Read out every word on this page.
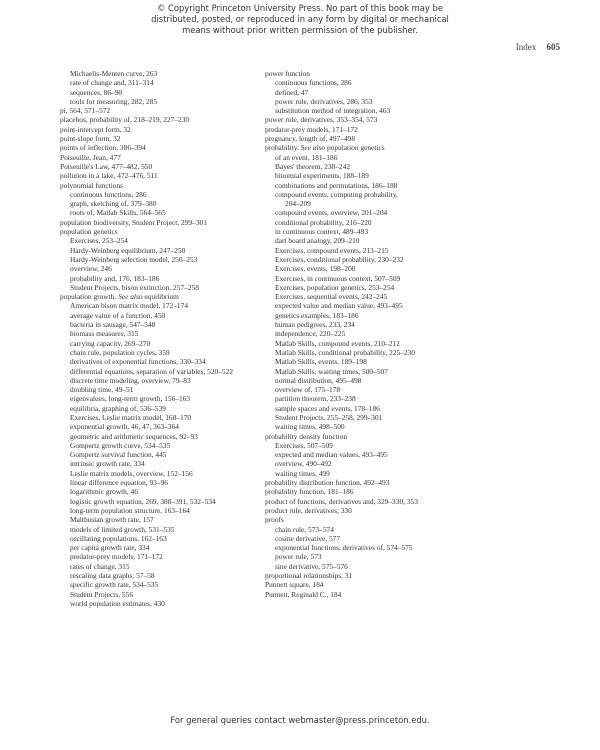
© Copyright Princeton University Press. No part of this book may be
distributed, posted, or reproduced in any form by digital or mechanical
means without prior written permission of the publisher.
Index 605
Michaelis-Menten curve, 263
rate of change and, 311–314
sequences, 86–90
tools for measuring, 282, 285
pi, 564, 571–572
placebos, probability of, 218–219, 227–230
point-intercept form, 32
point-slope form, 32
points of inflection, 386–394
Poiseuille, Jean, 477
Poiseuille's Law, 477–482, 550
pollution in a lake, 472–476, 511
polynomial functions
continuous functions, 286
graph, sketching of, 379–380
roots of, Matlab Skills, 564–565
population biodiversity, Student Project, 299–301
population genetics
Exercises, 253–254
Hardy-Weinberg equilibrium, 247–250
Hardy-Weinberg selection model, 250–253
overview, 246
probability and, 176, 183–186
Student Projects, bison extinction, 257–258
population growth. See also equilibrium
American bison matrix model, 172–174
average value of a function, 450
bacteria in sausage, 547–548
biomass measures, 315
carrying capacity, 269–270
chain rule, population cycles, 359
derivatives of exponential functions, 330–334
differential equations, separation of variables, 520–522
discrete time modeling, overview, 79–83
doubling time, 49–51
eigenvalues, long-term growth, 156–163
equilibria, graphing of, 536–539
Exercises, Leslie matrix model, 168–170
exponential growth, 46, 47, 363–364
geometric and arithmetic sequences, 92–93
Gompertz growth curve, 534–535
Gompertz survival function, 445
intrinsic growth rate, 334
Leslie matrix models, overview, 152–156
linear difference equation, 93–96
logarithmic growth, 46
logistic growth equation, 269, 388–391, 532–534
long-term population structure, 163–164
Malthusian growth rate, 157
models of limited growth, 531–535
oscillating populations, 162–163
per capita growth rate, 334
predator-prey models, 171–172
rates of change, 315
rescaling data graphs, 57–58
specific growth rate, 534–535
Student Projects, 556
world population estimates, 430
power function
continuous functions, 286
defined, 47
power rule, derivatives, 286, 353
substitution method of integration, 463
power rule, derivatives, 353–354, 573
predator-prey models, 171–172
pregnancy, length of, 497–498
probability. See also population genetics
of an event, 181–186
Bayes' theorem, 238–242
binomial experiments, 188–189
combinations and permutations, 186–188
compound events, computing probability,
204–209
compound events, overview, 201–204
conditional probability, 216–220
in continuous context, 489–493
dart board analogy, 209–210
Exercises, compound events, 213–215
Exercises, conditional probability, 230–232
Exercises, events, 198–200
Exercises, in continuous context, 507–509
Exercises, population genetics, 253–254
Exercises, sequential events, 242–245
expected value and median value, 493–495
genetics examples, 183–186
human pedigrees, 233, 234
independence, 220–225
Matlab Skills, compound events, 210–212
Matlab Skills, conditional probability, 225–230
Matlab Skills, events, 189–198
Matlab Skills, waiting times, 500–507
normal distribution, 495–498
overview of, 175–178
partition theorem, 233–238
sample spaces and events, 178–186
Student Projects, 255–258, 299–301
waiting times, 498–500
probability density function
Exercises, 507–509
expected and median values, 493–495
overview, 490–492
waiting times, 499
probability distribution function, 492–493
probability function, 181–186
product of functions, derivatives and, 329–330, 353
product rule, derivatives, 330
proofs
chain rule, 573–574
cosine derivative, 577
exponential functions, derivatives of, 574–575
power rule, 573
sine derivative, 575–576
proportional relationships, 31
Punnett square, 184
Punnett, Reginald C., 184
For general queries contact webmaster@press.princeton.edu.
